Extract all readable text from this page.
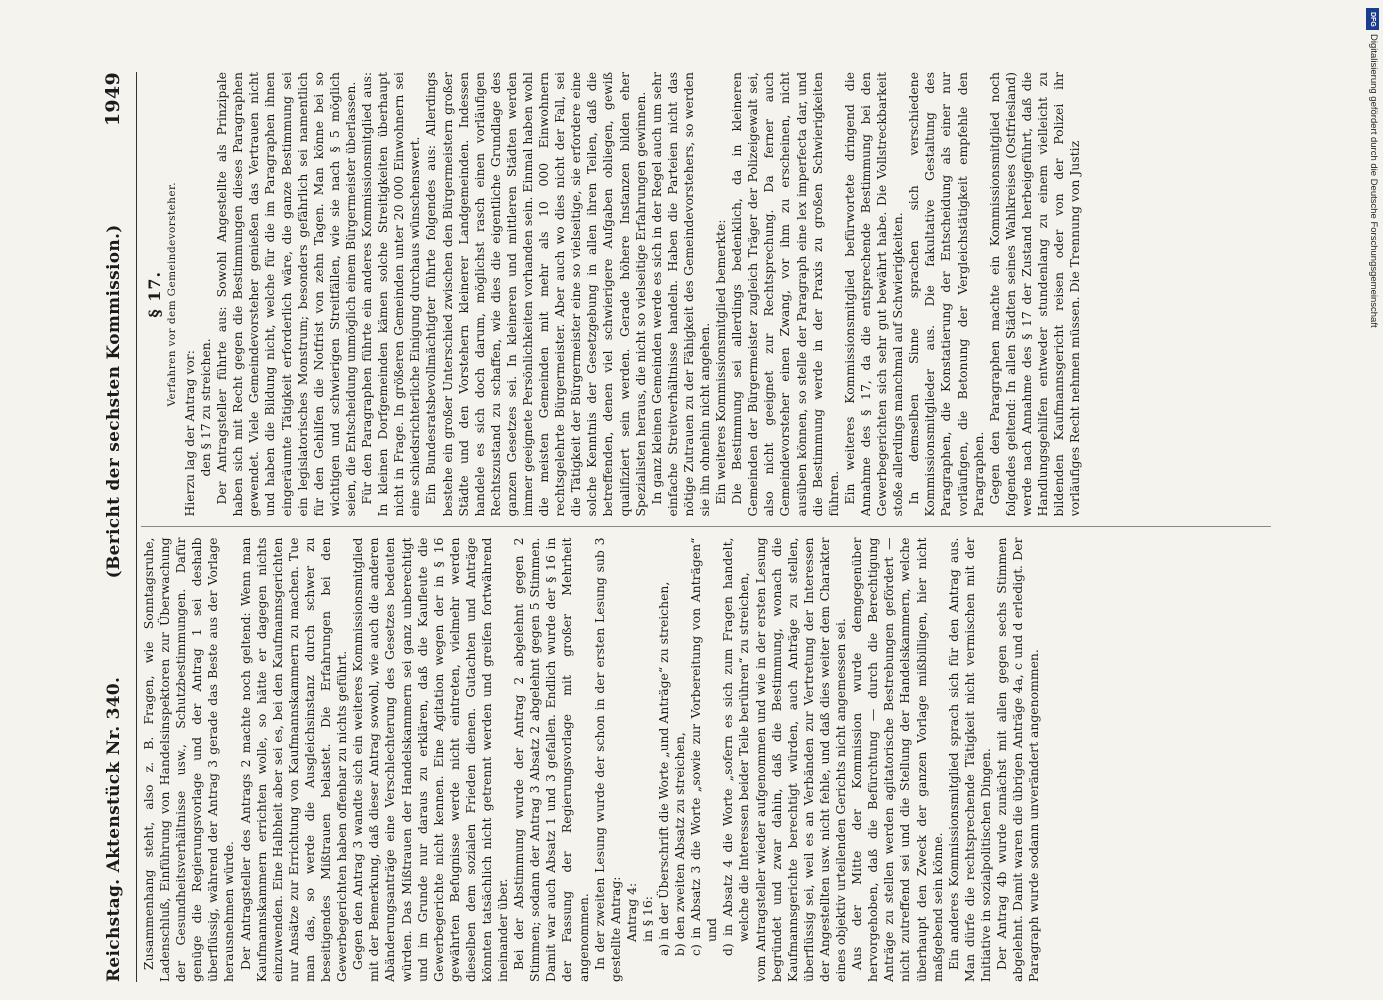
Reichstag. Aktenstück Nr. 340.
(Bericht der sechsten Kommission.)
1949

Zusammenhang steht, also z. B. Fragen, wie Sonntagsruhe, Ladenschluß, Einführung von Handelsinspektoren zur Überwachung der Gesundheitsverhältnisse usw., Schutzbestimmungen. Dafür genüge die Regierungsvorlage und der Antrag 1 sei deshalb überflüssig, während der Antrag 3 gerade das Beste aus der Vorlage herausnehmen würde. Der Antragsteller des Antrags 2 machte noch geltend: Wenn man Kaufmannskammern errichten wolle, so hätte er dagegen nichts einzuwenden. Eine Halbheit aber sei es, bei den Kaufmannsgerichten nur Ansätze zur Errichtung von Kaufmannskammern zu machen. Tue man das, so werde die Ausgleichsinstanz durch schwer zu beseitigendes Mißtrauen belastet. Die Erfahrungen bei den Gewerbegerichten haben offenbar zu nichts geführt. Gegen den Antrag 3 wandte sich ein weiteres Kommissionsmitglied mit der Bemerkung, daß dieser Antrag sowohl, wie auch die anderen Abänderungsanträge eine Verschlechterung des Gesetzes bedeuten würden. Das Mißtrauen der Handelskammern sei ganz unberechtigt und im Grunde nur daraus zu erklären, daß die Kaufleute die Gewerbegerichte nicht kennen. Eine Agitation wegen der in § 16 gewährten Befugnisse werde nicht eintreten, vielmehr werden dieselben dem sozialen Frieden dienen. Gutachten und Anträge könnten tatsächlich nicht getrennt werden und greifen fortwährend ineinander über. Bei der Abstimmung wurde der Antrag 2 abgelehnt gegen 2 Stimmen; sodann der Antrag 3 Absatz 2 abgelehnt gegen 5 Stimmen. Damit war auch Absatz 1 und 3 gefallen. Endlich wurde der § 16 in der Fassung der Regierungsvorlage mit großer Mehrheit angenommen. In der zweiten Lesung wurde der schon in der ersten Lesung sub 3 gestellte Antrag: Antrag 4: in § 16: a) in der Überschrift die Worte „und Anträge“ zu streichen, b) den zweiten Absatz zu streichen, c) in Absatz 3 die Worte „sowie zur Vorbereitung von Anträgen“ und d) in Absatz 4 die Worte „sofern es sich zum Fragen handelt, welche die Interessen beider Teile berühren“ zu streichen, vom Antragsteller wieder aufgenommen und wie in der ersten Lesung begründet und zwar dahin, daß die Bestimmung, wonach die Kaufmannsgerichte berechtigt würden, auch Anträge zu stellen, überflüssig sei, weil es an Verbänden zur Vertretung der Interessen der Angestellten usw. nicht fehle, und daß dies weiter dem Charakter eines objektiv urteilenden Gerichts nicht angemessen sei. Aus der Mitte der Kommission wurde demgegenüber hervorgehoben, daß die Befürchtung — durch die Berechtigung Anträge zu stellen werden agitatorische Bestrebungen gefördert — nicht zutreffend sei und die Stellung der Handelskammern, welche überhaupt den Zweck der ganzen Vorlage mißbilligen, hier nicht maßgebend sein könne. Ein anderes Kommissionsmitglied sprach sich für den Antrag aus. Man dürfe die rechtsprechende Tätigkeit nicht vermischen mit der Initiative in sozialpolitischen Dingen. Der Antrag 4b wurde zunächst mit allen gegen sechs Stimmen abgelehnt. Damit waren die übrigen Anträge 4a, c und d erledigt. Der Paragraph wurde sodann unverändert angenommen.

§ 17. Verfahren vor dem Gemeindevorsteher.

Hierzu lag der Antrag vor: den § 17 zu streichen. Der Antragsteller führte aus: Sowohl Angestellte als Prinzipale haben sich mit Recht gegen die Bestimmungen dieses Paragraphen gewendet. Viele Gemeindevorsteher genießen das Vertrauen nicht und haben die Bildung nicht, welche für die im Paragraphen ihnen eingeräumte Tätigkeit erforderlich wäre, die ganze Bestimmung sei ein legislatorisches Monstrum; besonders gefährlich sei namentlich für den Gehilfen die Notfrist von zehn Tagen. Man könne bei so wichtigen und schwierigen Streitfällen, wie sie nach § 5 möglich seien, die Entscheidung unmöglich einem Bürgermeister überlassen. Für den Paragraphen führte ein anderes Kommissionsmitglied aus: In kleinen Dorfgemeinden kämen solche Streitigkeiten überhaupt nicht in Frage. In größeren Gemeinden unter 20 000 Einwohnern sei eine schiedsrichterliche Einigung durchaus wünschenswert. Ein Bundesratsbevollmächtigter führte folgendes aus: Allerdings bestehe ein großer Unterschied zwischen den Bürgermeistern großer Städte und den Vorstehern kleinerer Landgemeinden. Indessen handele es sich doch darum, möglichst rasch einen vorläufigen Rechtszustand zu schaffen, wie dies die eigentliche Grundlage des ganzen Gesetzes sei. In kleineren und mittleren Städten werden immer geeignete Persönlichkeiten vorhanden sein. Einmal haben wohl die meisten Gemeinden mit mehr als 10 000 Einwohnern rechtsgelehrte Bürgermeister. Aber auch wo dies nicht der Fall, sei die Tätigkeit der Bürgermeister eine so vielseitige, sie erfordere eine solche Kenntnis der Gesetzgebung in allen ihren Teilen, daß die betreffenden, denen viel schwierigere Aufgaben obliegen, gewiß qualifiziert sein werden. Gerade höhere Instanzen bilden eher Spezialisten heraus, die nicht so vielseitige Erfahrungen gewinnen. In ganz kleinen Gemeinden werde es sich in der Regel auch um sehr einfache Streitverhältnisse handeln. Haben die Parteien nicht das nötige Zutrauen zu der Fähigkeit des Gemeindevorstehers, so werden sie ihn ohnehin nicht angehen. Ein weiteres Kommissionsmitglied bemerkte: Die Bestimmung sei allerdings bedenklich, da in kleineren Gemeinden der Bürgermeister zugleich Träger der Polizeigewalt sei, also nicht geeignet zur Rechtsprechung. Da ferner auch Gemeindevorsteher einen Zwang, vor ihm zu erscheinen, nicht ausüben können, so stelle der Paragraph eine lex imperfecta dar, und die Bestimmung werde in der Praxis zu großen Schwierigkeiten führen. Ein weiteres Kommissionsmitglied befürwortete dringend die Annahme des § 17, da die entsprechende Bestimmung bei den Gewerbegerichten sich sehr gut bewährt habe. Die Vollstreckbarkeit stoße allerdings manchmal auf Schwierigkeiten. In demselben Sinne sprachen sich verschiedene Kommissionsmitglieder aus. Die fakultative Gestaltung des Paragraphen, die Konstatierung der Entscheidung als einer nur vorläufigen, die Betonung der Vergleichstätigkeit empfehle den Paragraphen. Gegen den Paragraphen machte ein Kommissionsmitglied noch folgendes geltend: In allen Städten seines Wahlkreises (Ostfriesland) werde nach Annahme des § 17 der Zustand herbeigeführt, daß die Handlungsgehilfen entweder stundenlang zu einem vielleicht zu bildenden Kaufmannsgericht reisen oder von der Polizei ihr vorläufiges Recht nehmen müssen. Die Trennung von Justiz

DFG
Digitalisierung gefördert durch die Deutsche Forschungsgemeinschaft
